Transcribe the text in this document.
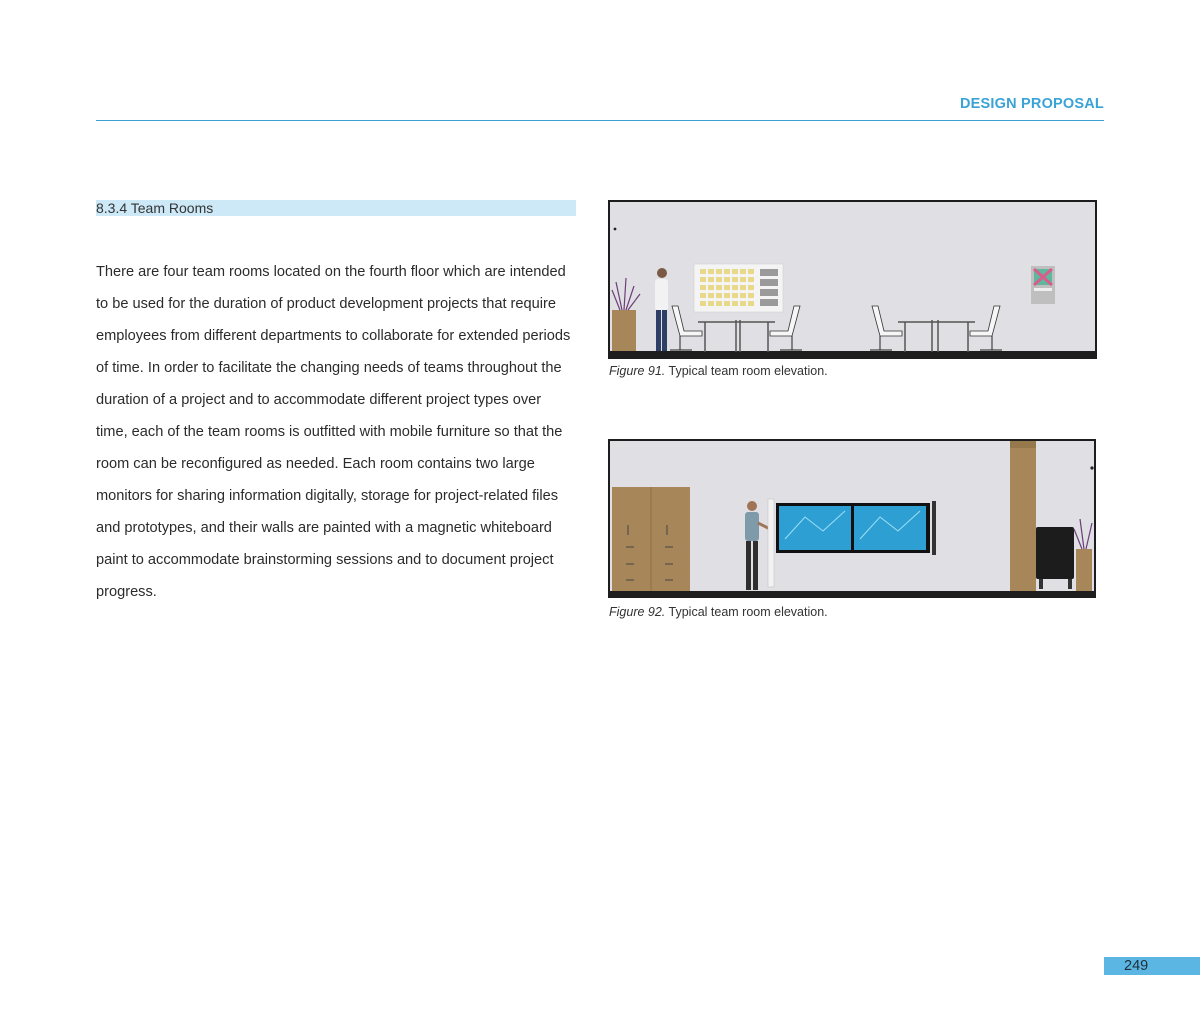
DESIGN PROPOSAL
8.3.4 Team Rooms
There are four team rooms located on the fourth floor which are intended to be used for the duration of product development projects that require employees from different departments to collaborate for extended periods of time. In order to facilitate the changing needs of teams throughout the duration of a project and to accommodate different project types over time, each of the team rooms is outfitted with mobile furniture so that the room can be reconfigured as needed. Each room contains two large monitors for sharing information digitally, storage for project-related files and prototypes, and their walls are painted with a magnetic whiteboard paint to accommodate brainstorming sessions and to document project progress.
Figure 91. Typical team room elevation.
Figure 92. Typical team room elevation.
249
